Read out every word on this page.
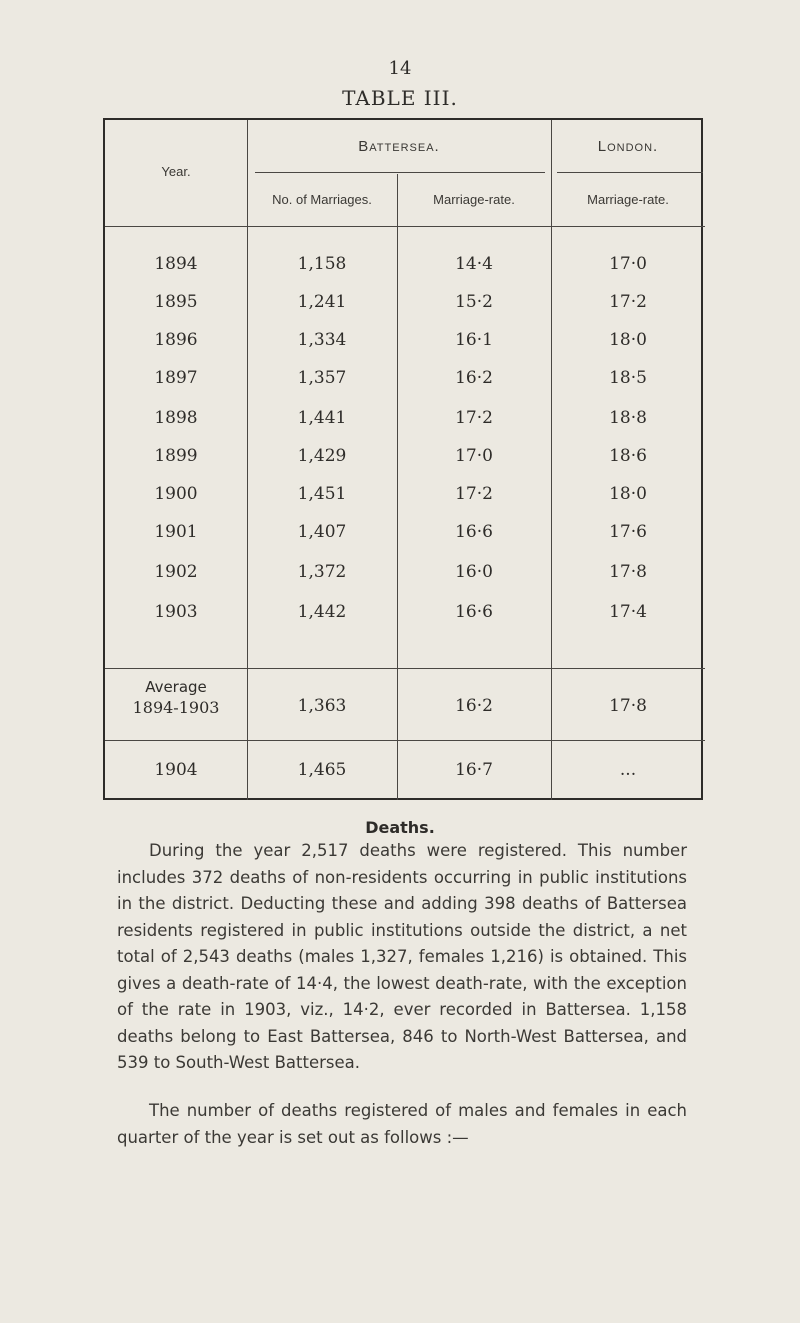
14
TABLE III.
Year.
Battersea.	London.
No. of Marriages.	Marriage-rate.	Marriage-rate.
1894	1,158	14·4	17·0
1895	1,241	15·2	17·2
1896	1,334	16·1	18·0
1897	1,357	16·2	18·5
1898	1,441	17·2	18·8
1899	1,429	17·0	18·6
1900	1,451	17·2	18·0
1901	1,407	16·6	17·6
1902	1,372	16·0	17·8
1903	1,442	16·6	17·4
Average
1894-1903	1,363	16·2	17·8
1904	1,465	16·7	...
Deaths.
During the year 2,517 deaths were registered. This number includes 372 deaths of non-residents occurring in public institutions in the district. Deducting these and adding 398 deaths of Battersea residents registered in public institutions outside the district, a net total of 2,543 deaths (males 1,327, females 1,216) is obtained. This gives a death-rate of 14·4, the lowest death-rate, with the exception of the rate in 1903, viz., 14·2, ever recorded in Battersea. 1,158 deaths belong to East Battersea, 846 to North-West Battersea, and 539 to South-West Battersea.
The number of deaths registered of males and females in each quarter of the year is set out as follows :—
